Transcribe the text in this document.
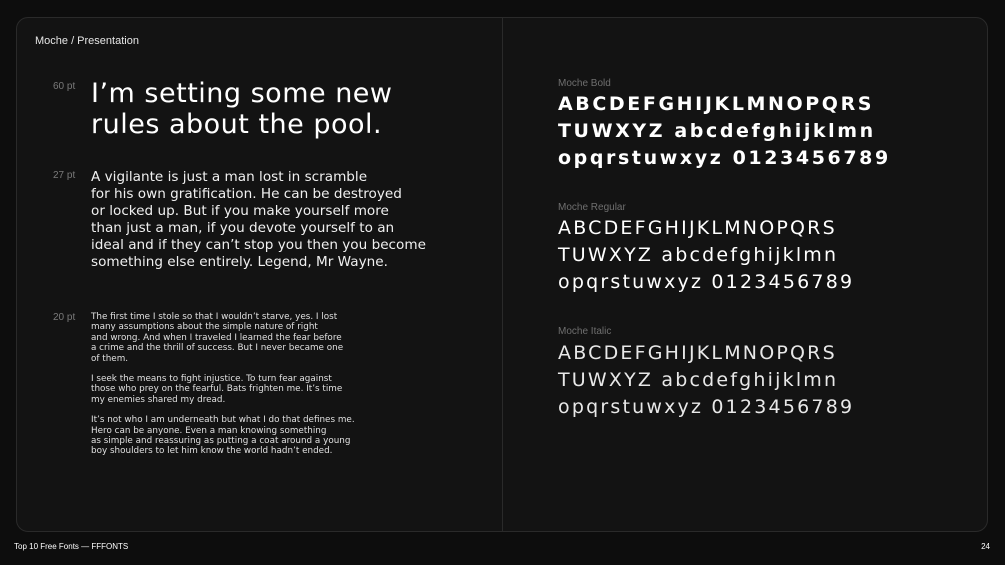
Moche / Presentation
60 pt I’m setting some new
rules about the pool.

27 pt A vigilante is just a man lost in scramble
for his own gratification. He can be destroyed
or locked up. But if you make yourself more
than just a man, if you devote yourself to an
ideal and if they can’t stop you then you become
something else entirely. Legend, Mr Wayne.

20 pt The first time I stole so that I wouldn’t starve, yes. I lost
many assumptions about the simple nature of right
and wrong. And when I traveled I learned the fear before
a crime and the thrill of success. But I never became one
of them.

I seek the means to fight injustice. To turn fear against
those who prey on the fearful. Bats frighten me. It’s time
my enemies shared my dread.

It’s not who I am underneath but what I do that defines me.
Hero can be anyone. Even a man knowing something
as simple and reassuring as putting a coat around a young
boy shoulders to let him know the world hadn’t ended.

Moche Bold
ABCDEFGHIJKLMNOPQRS
TUWXYZ abcdefghijklmn
opqrstuwxyz 0123456789
Moche Regular
ABCDEFGHIJKLMNOPQRS
TUWXYZ abcdefghijklmn
opqrstuwxyz 0123456789
Moche Italic
ABCDEFGHIJKLMNOPQRS
TUWXYZ abcdefghijklmn
opqrstuwxyz 0123456789
Top 10 Free Fonts — FFFONTS	24
